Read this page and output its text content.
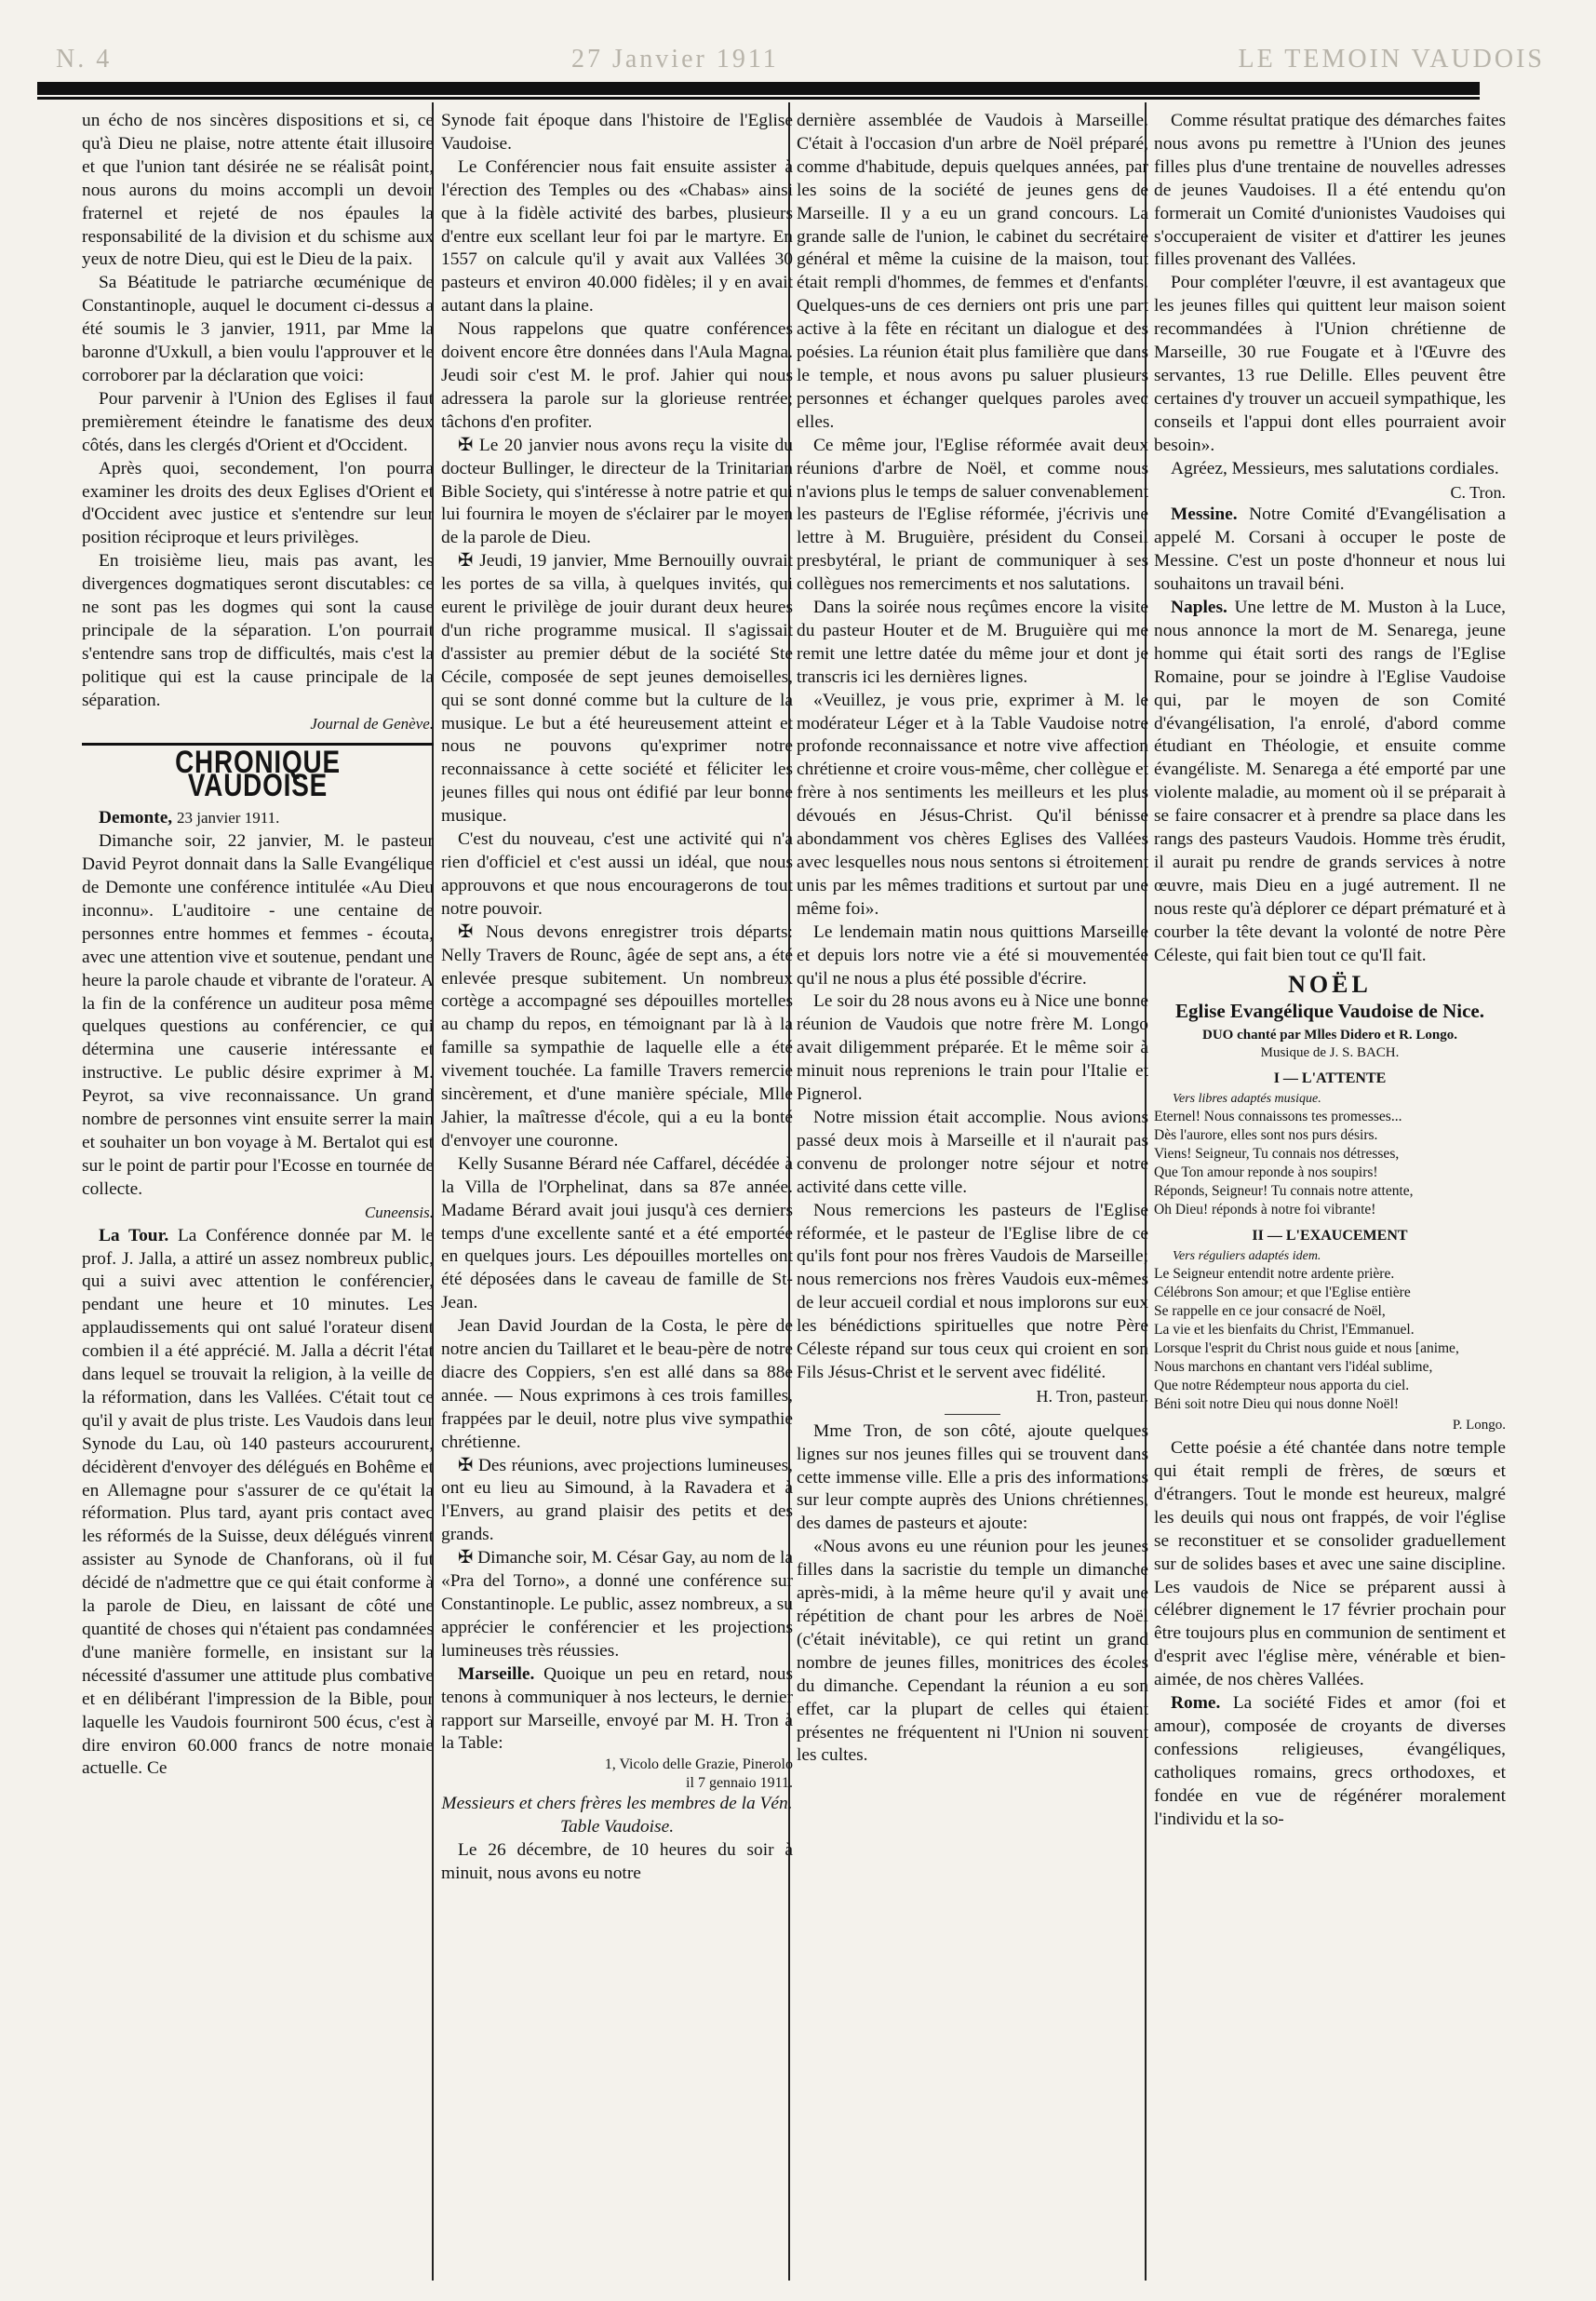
N. 4	27 Janvier 1911	LE TEMOIN VAUDOIS

un écho de nos sincères dispositions et si, ce qu'à Dieu ne plaise, notre attente était illusoire et que l'union tant désirée ne se réalisât point, nous aurons du moins accompli un devoir fraternel et rejeté de nos épaules la responsabilité de la division et du schisme aux yeux de notre Dieu, qui est le Dieu de la paix.

Sa Béatitude le patriarche œcuménique de Constantinople, auquel le document ci-dessus a été soumis le 3 janvier, 1911, par Mme la baronne d'Uxkull, a bien voulu l'approuver et le corroborer par la déclaration que voici:

Pour parvenir à l'Union des Eglises il faut premièrement éteindre le fanatisme des deux côtés, dans les clergés d'Orient et d'Occident.

Après quoi, secondement, l'on pourra examiner les droits des deux Eglises d'Orient et d'Occident avec justice et s'entendre sur leur position réciproque et leurs privilèges.

En troisième lieu, mais pas avant, les divergences dogmatiques seront discutables: ce ne sont pas les dogmes qui sont la cause principale de la séparation. L'on pourrait s'entendre sans trop de difficultés, mais c'est la politique qui est la cause principale de la séparation.

Journal de Genève.
CHRONIQUE VAUDOISE

Demonte, 23 janvier 1911.

Dimanche soir, 22 janvier, M. le pasteur David Peyrot donnait dans la Salle Evangélique de Demonte une conférence intitulée «Au Dieu inconnu». L'auditoire - une centaine de personnes entre hommes et femmes - écouta, avec une attention vive et soutenue, pendant une heure la parole chaude et vibrante de l'orateur. A la fin de la conférence un auditeur posa même quelques questions au conférencier, ce qui détermina une causerie intéressante et instructive. Le public désire exprimer à M. Peyrot, sa vive reconnaissance. Un grand nombre de personnes vint ensuite serrer la main et souhaiter un bon voyage à M. Bertalot qui est sur le point de partir pour l'Ecosse en tournée de collecte.

Cuneensis.

La Tour. La Conférence donnée par M. le prof. J. Jalla, a attiré un assez nombreux public, qui a suivi avec attention le conférencier, pendant une heure et 10 minutes. Les applaudissements qui ont salué l'orateur disent combien il a été apprécié. M. Jalla a décrit l'état dans lequel se trouvait la religion, à la veille de la réformation, dans les Vallées. C'était tout ce qu'il y avait de plus triste. Les Vaudois dans leur Synode du Lau, où 140 pasteurs accoururent, décidèrent d'envoyer des délégués en Bohême et en Allemagne pour s'assurer de ce qu'était la réformation. Plus tard, ayant pris contact avec les réformés de la Suisse, deux délégués vinrent assister au Synode de Chanforans, où il fut décidé de n'admettre que ce qui était conforme à la parole de Dieu, en laissant de côté une quantité de choses qui n'étaient pas condamnées d'une manière formelle, en insistant sur la nécessité d'assumer une attitude plus combative et en délibérant l'impression de la Bible, pour laquelle les Vaudois fourniront 500 écus, c'est à dire environ 60.000 francs de notre monaie actuelle. Ce

Synode fait époque dans l'histoire de l'Eglise Vaudoise.

Le Conférencier nous fait ensuite assister à l'érection des Temples ou des «Chabas» ainsi que à la fidèle activité des barbes, plusieurs d'entre eux scellant leur foi par le martyre. En 1557 on calcule qu'il y avait aux Vallées 30 pasteurs et environ 40.000 fidèles; il y en avait autant dans la plaine.

Nous rappelons que quatre conférences doivent encore être données dans l'Aula Magna. Jeudi soir c'est M. le prof. Jahier qui nous adressera la parole sur la glorieuse rentrée; tâchons d'en profiter.

✠ Le 20 janvier nous avons reçu la visite du docteur Bullinger, le directeur de la Trinitarian Bible Society, qui s'intéresse à notre patrie et qui lui fournira le moyen de s'éclairer par le moyen de la parole de Dieu.

✠ Jeudi, 19 janvier, Mme Bernouilly ouvrait les portes de sa villa, à quelques invités, qui eurent le privilège de jouir durant deux heures d'un riche programme musical. Il s'agissait d'assister au premier début de la société Ste Cécile, composée de sept jeunes demoiselles, qui se sont donné comme but la culture de la musique. Le but a été heureusement atteint et nous ne pouvons qu'exprimer notre reconnaissance à cette société et féliciter les jeunes filles qui nous ont édifié par leur bonne musique.

C'est du nouveau, c'est une activité qui n'a rien d'officiel et c'est aussi un idéal, que nous approuvons et que nous encouragerons de tout notre pouvoir.

✠ Nous devons enregistrer trois départs: Nelly Travers de Rounc, âgée de sept ans, a été enlevée presque subitement. Un nombreux cortège a accompagné ses dépouilles mortelles au champ du repos, en témoignant par là à la famille sa sympathie de laquelle elle a été vivement touchée. La famille Travers remercie sincèrement, et d'une manière spéciale, Mlle Jahier, la maîtresse d'école, qui a eu la bonté d'envoyer une couronne.

Kelly Susanne Bérard née Caffarel, décédée à la Villa de l'Orphelinat, dans sa 87e année. Madame Bérard avait joui jusqu'à ces derniers temps d'une excellente santé et a été emportée en quelques jours. Les dépouilles mortelles ont été déposées dans le caveau de famille de St-Jean.

Jean David Jourdan de la Costa, le père de notre ancien du Taillaret et le beau-père de notre diacre des Coppiers, s'en est allé dans sa 88e année. — Nous exprimons à ces trois familles, frappées par le deuil, notre plus vive sympathie chrétienne.

✠ Des réunions, avec projections lumineuses, ont eu lieu au Simound, à la Ravadera et à l'Envers, au grand plaisir des petits et des grands.

✠ Dimanche soir, M. César Gay, au nom de la «Pra del Torno», a donné une conférence sur Constantinople. Le public, assez nombreux, a su apprécier le conférencier et les projections lumineuses très réussies.

Marseille. Quoique un peu en retard, nous tenons à communiquer à nos lecteurs, le dernier rapport sur Marseille, envoyé par M. H. Tron à la Table:

1, Vicolo delle Grazie, Pinerolo
il 7 gennaio 1911.

Messieurs et chers frères les membres de la Vén. Table Vaudoise.

Le 26 décembre, de 10 heures du soir à minuit, nous avons eu notre

dernière assemblée de Vaudois à Marseille. C'était à l'occasion d'un arbre de Noël préparé, comme d'habitude, depuis quelques années, par les soins de la société de jeunes gens de Marseille. Il y a eu un grand concours. La grande salle de l'union, le cabinet du secrétaire général et même la cuisine de la maison, tout était rempli d'hommes, de femmes et d'enfants. Quelques-uns de ces derniers ont pris une part active à la fête en récitant un dialogue et des poésies. La réunion était plus familière que dans le temple, et nous avons pu saluer plusieurs personnes et échanger quelques paroles avec elles.

Ce même jour, l'Eglise réformée avait deux réunions d'arbre de Noël, et comme nous n'avions plus le temps de saluer convenablement les pasteurs de l'Eglise réformée, j'écrivis une lettre à M. Bruguière, président du Conseil presbytéral, le priant de communiquer à ses collègues nos remerciments et nos salutations.

Dans la soirée nous reçûmes encore la visite du pasteur Houter et de M. Bruguière qui me remit une lettre datée du même jour et dont je transcris ici les dernières lignes.

«Veuillez, je vous prie, exprimer à M. le modérateur Léger et à la Table Vaudoise notre profonde reconnaissance et notre vive affection chrétienne et croire vous-même, cher collègue et frère à nos sentiments les meilleurs et les plus dévoués en Jésus-Christ. Qu'il bénisse abondamment vos chères Eglises des Vallées avec lesquelles nous nous sentons si étroitement unis par les mêmes traditions et surtout par une même foi».

Le lendemain matin nous quittions Marseille et depuis lors notre vie a été si mouvementée qu'il ne nous a plus été possible d'écrire.

Le soir du 28 nous avons eu à Nice une bonne réunion de Vaudois que notre frère M. Longo avait diligemment préparée. Et le même soir à minuit nous reprenions le train pour l'Italie et Pignerol.

Notre mission était accomplie. Nous avions passé deux mois à Marseille et il n'aurait pas convenu de prolonger notre séjour et notre activité dans cette ville.

Nous remercions les pasteurs de l'Eglise réformée, et le pasteur de l'Eglise libre de ce qu'ils font pour nos frères Vaudois de Marseille; nous remercions nos frères Vaudois eux-mêmes de leur accueil cordial et nous implorons sur eux les bénédictions spirituelles que notre Père Céleste répand sur tous ceux qui croient en son Fils Jésus-Christ et le servent avec fidélité.

H. Tron, pasteur.

Mme Tron, de son côté, ajoute quelques lignes sur nos jeunes filles qui se trouvent dans cette immense ville. Elle a pris des informations sur leur compte auprès des Unions chrétiennes, des dames de pasteurs et ajoute:

«Nous avons eu une réunion pour les jeunes filles dans la sacristie du temple un dimanche après-midi, à la même heure qu'il y avait une répétition de chant pour les arbres de Noël (c'était inévitable), ce qui retint un grand nombre de jeunes filles, monitrices des écoles du dimanche. Cependant la réunion a eu son effet, car la plupart de celles qui étaient présentes ne fréquentent ni l'Union ni souvent les cultes.

Comme résultat pratique des démarches faites nous avons pu remettre à l'Union des jeunes filles plus d'une trentaine de nouvelles adresses de jeunes Vaudoises. Il a été entendu qu'on formerait un Comité d'unionistes Vaudoises qui s'occuperaient de visiter et d'attirer les jeunes filles provenant des Vallées.

Pour compléter l'œuvre, il est avantageux que les jeunes filles qui quittent leur maison soient recommandées à l'Union chrétienne de Marseille, 30 rue Fougate et à l'Œuvre des servantes, 13 rue Delille. Elles peuvent être certaines d'y trouver un accueil sympathique, les conseils et l'appui dont elles pourraient avoir besoin».

Agréez, Messieurs, mes salutations cordiales.

C. Tron.

Messine. Notre Comité d'Evangélisation a appelé M. Corsani à occuper le poste de Messine. C'est un poste d'honneur et nous lui souhaitons un travail béni.

Naples. Une lettre de M. Muston à la Luce, nous annonce la mort de M. Senarega, jeune homme qui était sorti des rangs de l'Eglise Romaine, pour se joindre à l'Eglise Vaudoise qui, par le moyen de son Comité d'évangélisation, l'a enrolé, d'abord comme étudiant en Théologie, et ensuite comme évangéliste. M. Senarega a été emporté par une violente maladie, au moment où il se préparait à se faire consacrer et à prendre sa place dans les rangs des pasteurs Vaudois. Homme très érudit, il aurait pu rendre de grands services à notre œuvre, mais Dieu en a jugé autrement. Il ne nous reste qu'à déplorer ce départ prématuré et à courber la tête devant la volonté de notre Père Céleste, qui fait bien tout ce qu'Il fait.

NOËL
Eglise Evangélique Vaudoise de Nice.
DUO chanté par Mlles Didero et R. Longo.
Musique de J. S. BACH.
I — L'ATTENTE
Vers libres adaptés musique.
Eternel! Nous connaissons tes promesses...
Dès l'aurore, elles sont nos purs désirs.
Viens! Seigneur, Tu connais nos détresses,
Que Ton amour reponde à nos soupirs!
Réponds, Seigneur! Tu connais notre attente,
Oh Dieu! réponds à notre foi vibrante!
II — L'EXAUCEMENT
Vers réguliers adaptés idem.
Le Seigneur entendit notre ardente prière.
Célébrons Son amour; et que l'Eglise entière
Se rappelle en ce jour consacré de Noël,
La vie et les bienfaits du Christ, l'Emmanuel.
Lorsque l'esprit du Christ nous guide et nous [anime,
Nous marchons en chantant vers l'idéal sublime,
Que notre Rédempteur nous apporta du ciel.
Béni soit notre Dieu qui nous donne Noël!
P. Longo.

Cette poésie a été chantée dans notre temple qui était rempli de frères, de sœurs et d'étrangers. Tout le monde est heureux, malgré les deuils qui nous ont frappés, de voir l'église se reconstituer et se consolider graduellement sur de solides bases et avec une saine discipline. Les vaudois de Nice se préparent aussi à célébrer dignement le 17 février prochain pour être toujours plus en communion de sentiment et d'esprit avec l'église mère, vénérable et bien-aimée, de nos chères Vallées.

Rome. La société Fides et amor (foi et amour), composée de croyants de diverses confessions religieuses, évangéliques, catholiques romains, grecs orthodoxes, et fondée en vue de régénérer moralement l'individu et la so-
